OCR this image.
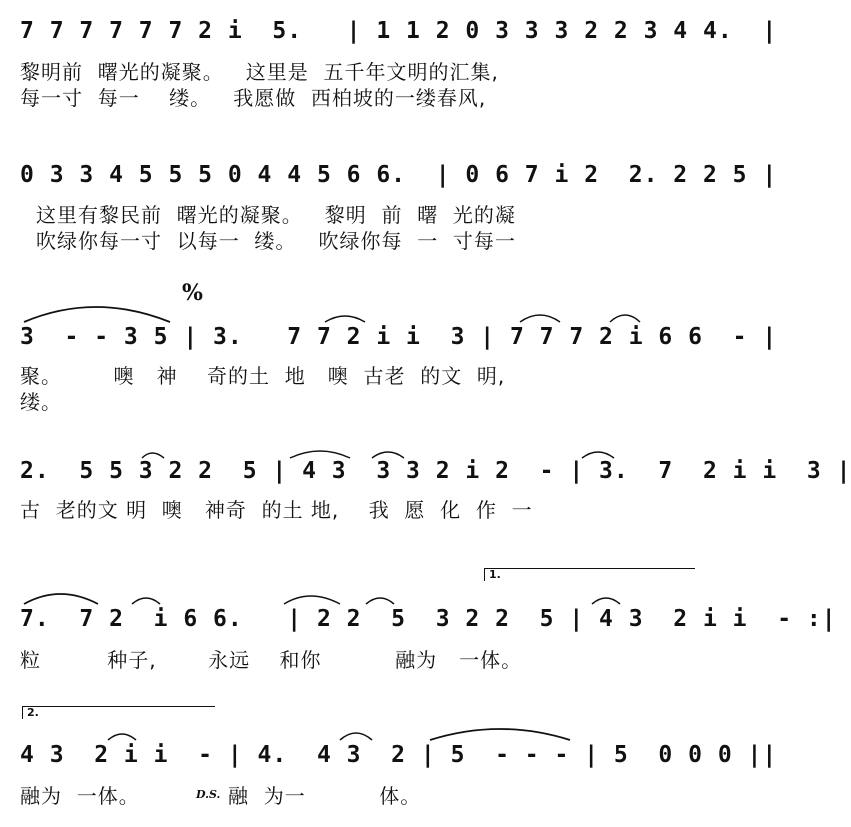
7 7 7 7 7 7 2 i  5.   | 1 1 2 0 3 3 3 2 2 3 4 4.  |
黎明前  曙光的凝聚。   这里是  五千年文明的汇集,
每一寸  每一    缕。   我愿做  西柏坡的一缕春风,
0 3 3 4 5 5 5 0 4 4 5 6 6.  | 0 6 7 i 2  2. 2 2 5 |
这里有黎民前  曙光的凝聚。   黎明  前  曙  光的凝
吹绿你每一寸  以每一  缕。   吹绿你每  一  寸每一
%
3  - - 3 5 | 3.   7 7 2 i i  3 | 7 7 7 2 i 6 6  - |
聚。       噢   神    奇的土  地   噢  古老  的文  明,
缕。
2.  5 5 3 2 2  5 | 4 3  3 3 2 i 2  - | 3.  7  2 i i  3 |
古  老的文 明  噢   神奇  的土 地,    我  愿  化  作  一
1.
7.  7 2  i 6 6.   | 2 2  5  3 2 2  5 | 4 3  2 i i  - :|
粒         种子,       永远    和你          融为   一体。
2.
4 3  2 i i  - | 4.  4 3  2 | 5  - - - | 5  0 0 0 ||
融为  一体。	D.S. 融  为一          体。
